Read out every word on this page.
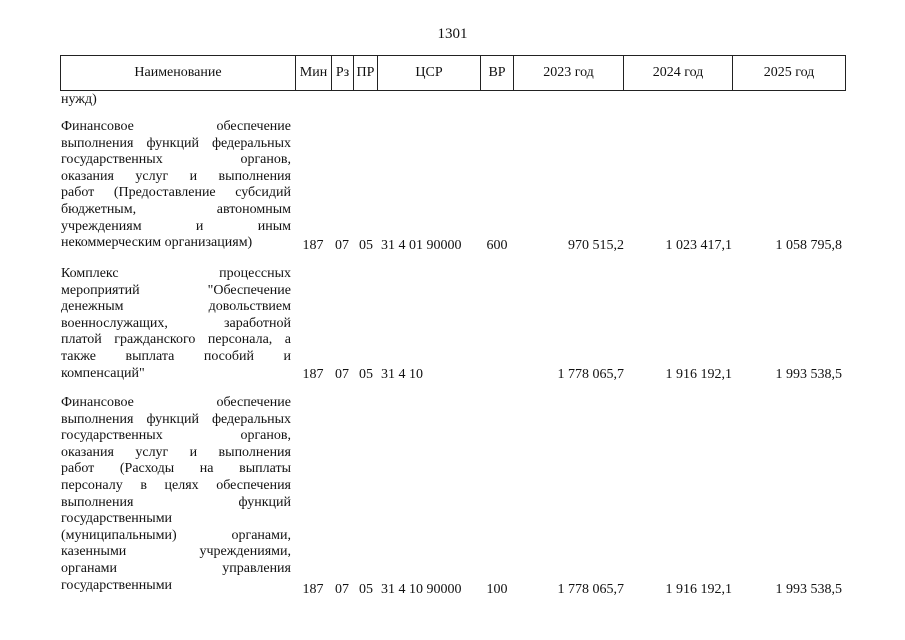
1301
Наименование	Мин	Рз	ПР	ЦСР	ВР	2023 год	2024 год	2025 год
нужд)
Финансовое обеспечение
выполнения функций федеральных
государственных органов,
оказания услуг и выполнения
работ (Предоставление субсидий
бюджетным, автономным
учреждениям и иным
некоммерческим организациям)	187 07 05 31 4 01 90000	600	970 515,2	1 023 417,1	1 058 795,8
Комплекс процессных
мероприятий "Обеспечение
денежным довольствием
военнослужащих, заработной
платой гражданского персонала, а
также выплата пособий и
компенсаций"	187 07 05 31 4 10	1 778 065,7	1 916 192,1	1 993 538,5
Финансовое обеспечение
выполнения функций федеральных
государственных органов,
оказания услуг и выполнения
работ (Расходы на выплаты
персоналу в целях обеспечения
выполнения функций
государственными
(муниципальными) органами,
казенными учреждениями,
органами управления
государственными	187 07 05 31 4 10 90000	100	1 778 065,7	1 916 192,1	1 993 538,5
